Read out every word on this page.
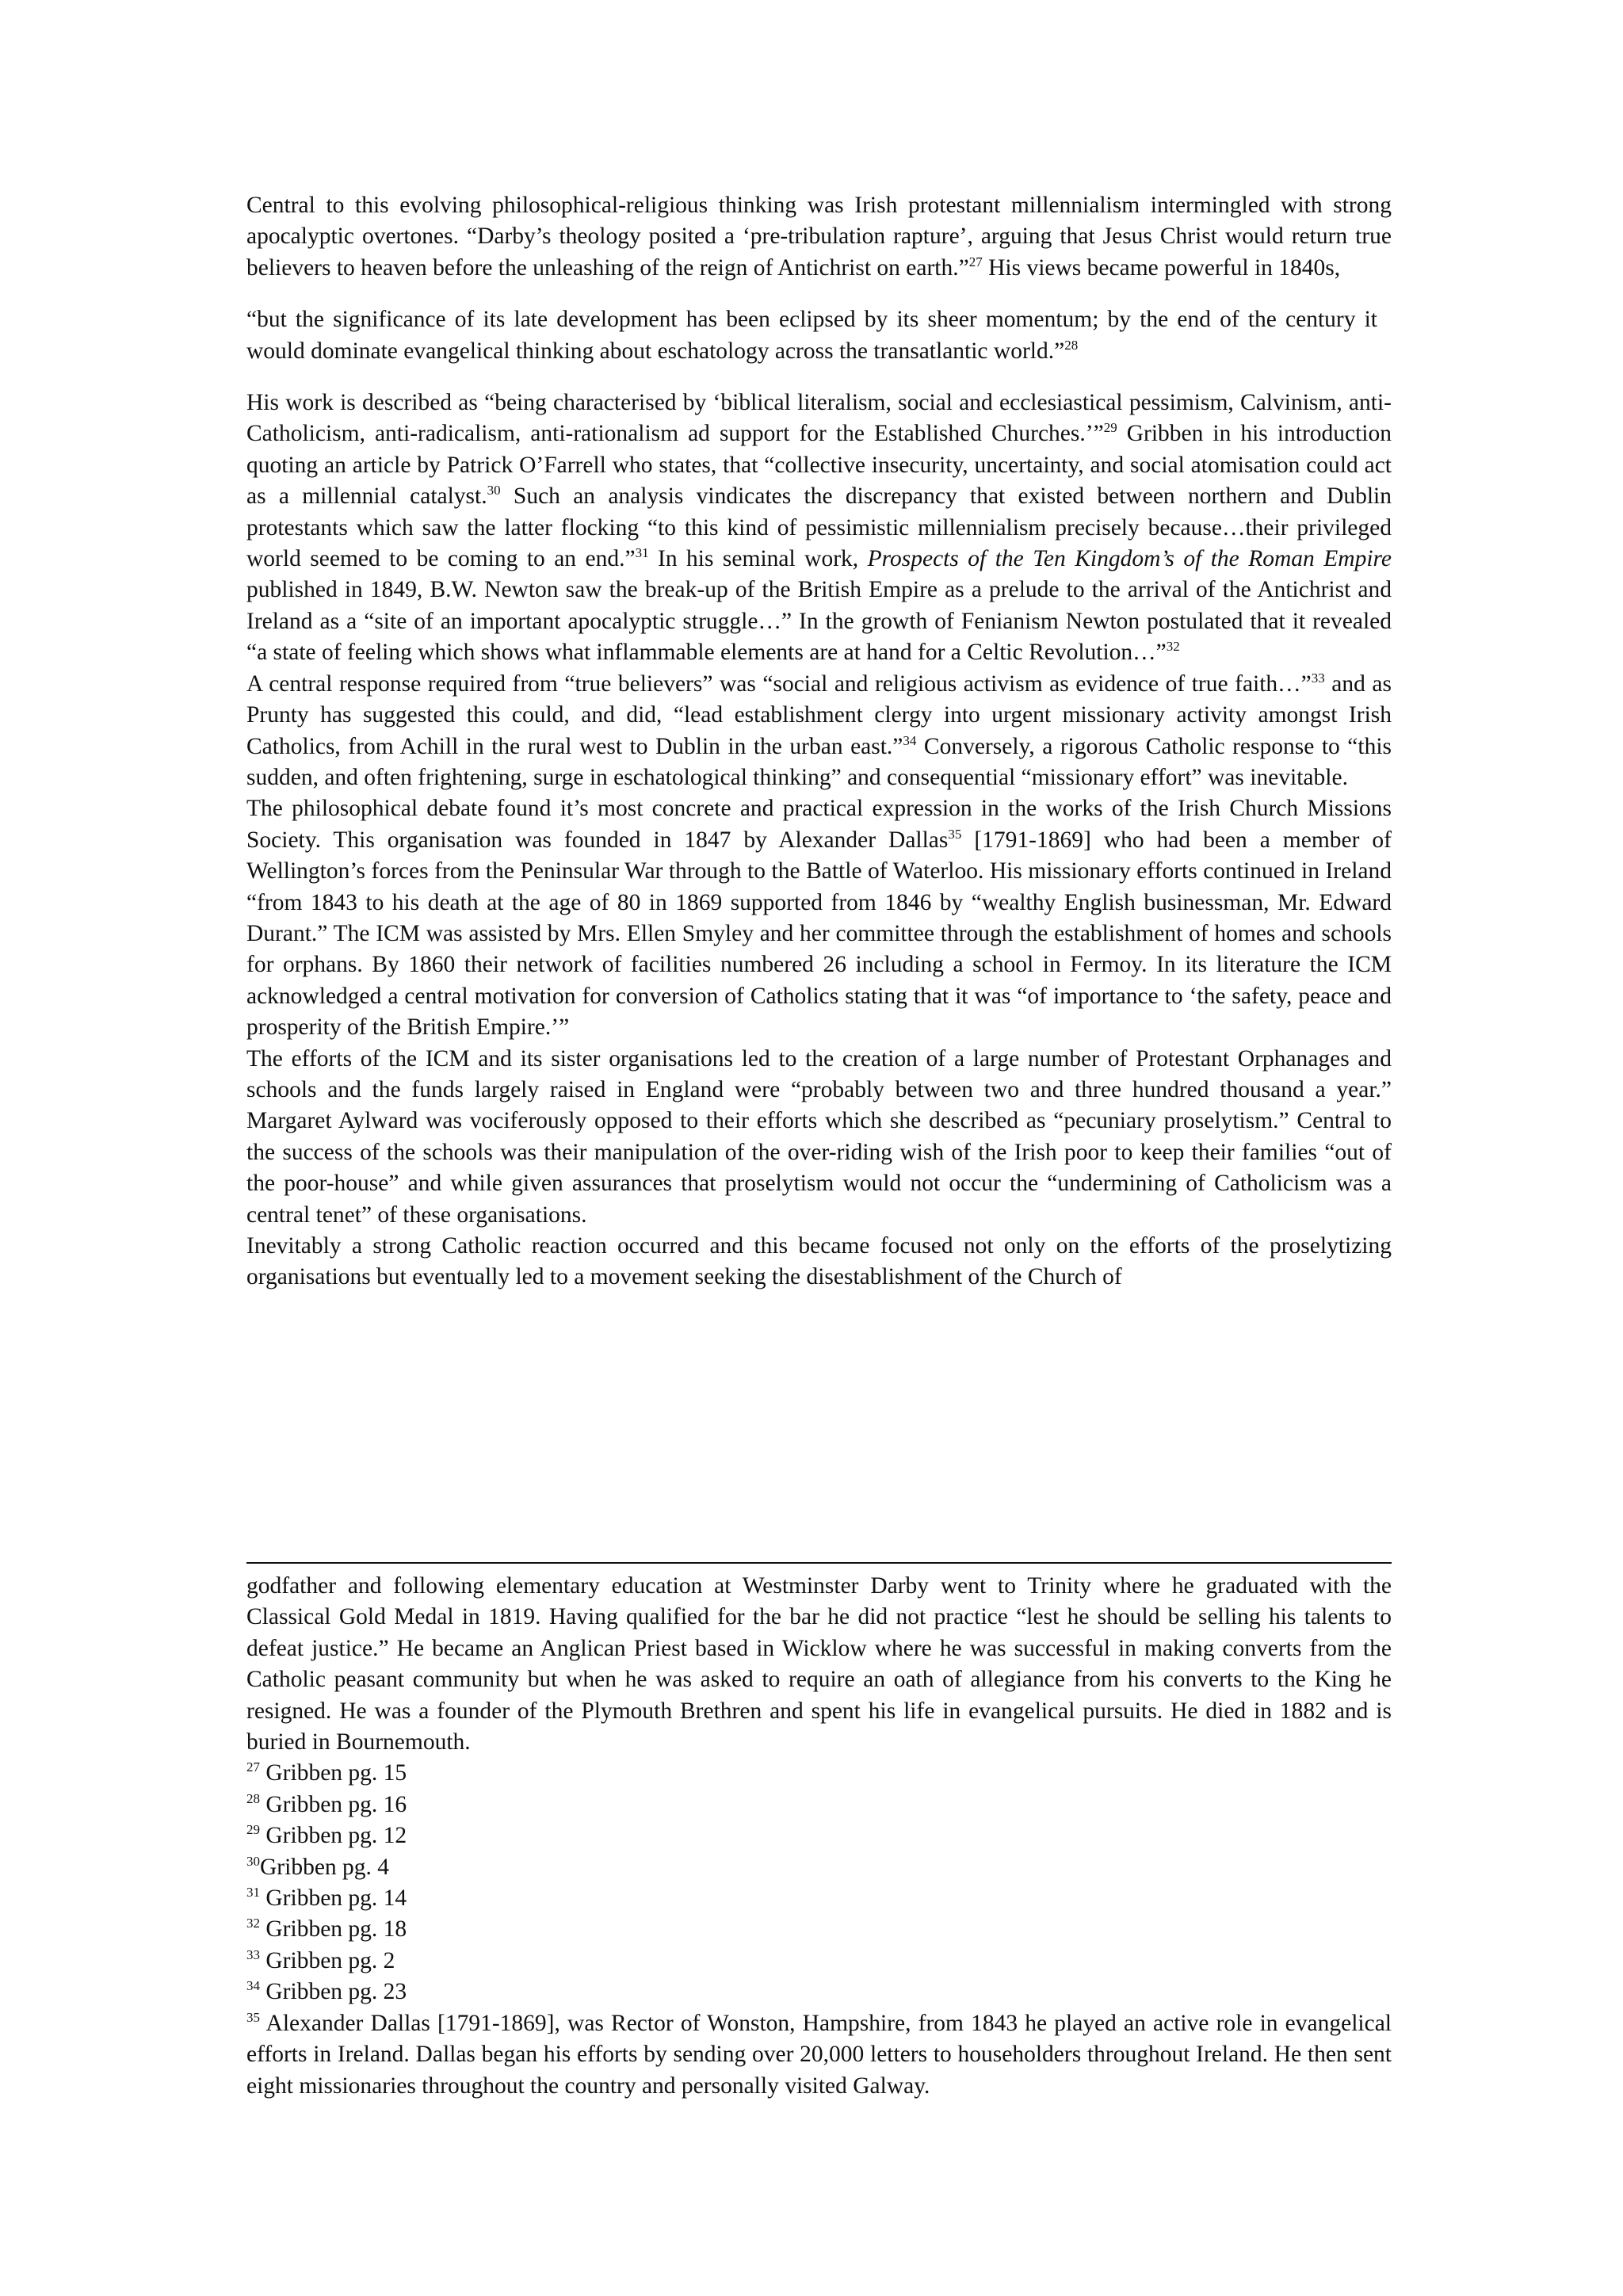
Central to this evolving philosophical-religious thinking was Irish protestant millennialism intermingled with strong apocalyptic overtones. “Darby’s theology posited a ‘pre-tribulation rapture’, arguing that Jesus Christ would return true believers to heaven before the unleashing of the reign of Antichrist on earth.”$^{27}$ His views became powerful in 1840s,

“but the significance of its late development has been eclipsed by its sheer momentum; by the end of the century it would dominate evangelical thinking about eschatology across the transatlantic world.”$^{28}$

His work is described as “being characterised by ‘biblical literalism, social and ecclesiastical pessimism, Calvinism, anti-Catholicism, anti-radicalism, anti-rationalism ad support for the Established Churches.’”$^{29}$ Gribben in his introduction quoting an article by Patrick O’Farrell who states, that “collective insecurity, uncertainty, and social atomisation could act as a millennial catalyst.$^{30}$ Such an analysis vindicates the discrepancy that existed between northern and Dublin protestants which saw the latter flocking “to this kind of pessimistic millennialism precisely because…their privileged world seemed to be coming to an end.”$^{31}$ In his seminal work, Prospects of the Ten Kingdom’s of the Roman Empire published in 1849, B.W. Newton saw the break-up of the British Empire as a prelude to the arrival of the Antichrist and Ireland as a “site of an important apocalyptic struggle…” In the growth of Fenianism Newton postulated that it revealed “a state of feeling which shows what inflammable elements are at hand for a Celtic Revolution…”$^{32}$

A central response required from “true believers” was “social and religious activism as evidence of true faith…”$^{33}$ and as Prunty has suggested this could, and did, “lead establishment clergy into urgent missionary activity amongst Irish Catholics, from Achill in the rural west to Dublin in the urban east.”$^{34}$ Conversely, a rigorous Catholic response to “this sudden, and often frightening, surge in eschatological thinking” and consequential “missionary effort” was inevitable.

The philosophical debate found it’s most concrete and practical expression in the works of the Irish Church Missions Society. This organisation was founded in 1847 by Alexander Dallas$^{35}$ [1791-1869] who had been a member of Wellington’s forces from the Peninsular War through to the Battle of Waterloo. His missionary efforts continued in Ireland “from 1843 to his death at the age of 80 in 1869 supported from 1846 by “wealthy English businessman, Mr. Edward Durant.” The ICM was assisted by Mrs. Ellen Smyley and her committee through the establishment of homes and schools for orphans. By 1860 their network of facilities numbered 26 including a school in Fermoy. In its literature the ICM acknowledged a central motivation for conversion of Catholics stating that it was “of importance to ‘the safety, peace and prosperity of the British Empire.’”

The efforts of the ICM and its sister organisations led to the creation of a large number of Protestant Orphanages and schools and the funds largely raised in England were “probably between two and three hundred thousand a year.” Margaret Aylward was vociferously opposed to their efforts which she described as “pecuniary proselytism.” Central to the success of the schools was their manipulation of the over-riding wish of the Irish poor to keep their families “out of the poor-house” and while given assurances that proselytism would not occur the “undermining of Catholicism was a central tenet” of these organisations.

Inevitably a strong Catholic reaction occurred and this became focused not only on the efforts of the proselytizing organisations but eventually led to a movement seeking the disestablishment of the Church of

godfather and following elementary education at Westminster Darby went to Trinity where he graduated with the Classical Gold Medal in 1819. Having qualified for the bar he did not practice “lest he should be selling his talents to defeat justice.” He became an Anglican Priest based in Wicklow where he was successful in making converts from the Catholic peasant community but when he was asked to require an oath of allegiance from his converts to the King he resigned. He was a founder of the Plymouth Brethren and spent his life in evangelical pursuits. He died in 1882 and is buried in Bournemouth.

$^{27}$ Gribben pg. 15

$^{28}$ Gribben pg. 16

$^{29}$ Gribben pg. 12

$^{30}$Gribben pg. 4

$^{31}$ Gribben pg. 14

$^{32}$ Gribben pg. 18

$^{33}$ Gribben pg. 2

$^{34}$ Gribben pg. 23

$^{35}$ Alexander Dallas [1791-1869], was Rector of Wonston, Hampshire, from 1843 he played an active role in evangelical efforts in Ireland. Dallas began his efforts by sending over 20,000 letters to householders throughout Ireland. He then sent eight missionaries throughout the country and personally visited Galway.
